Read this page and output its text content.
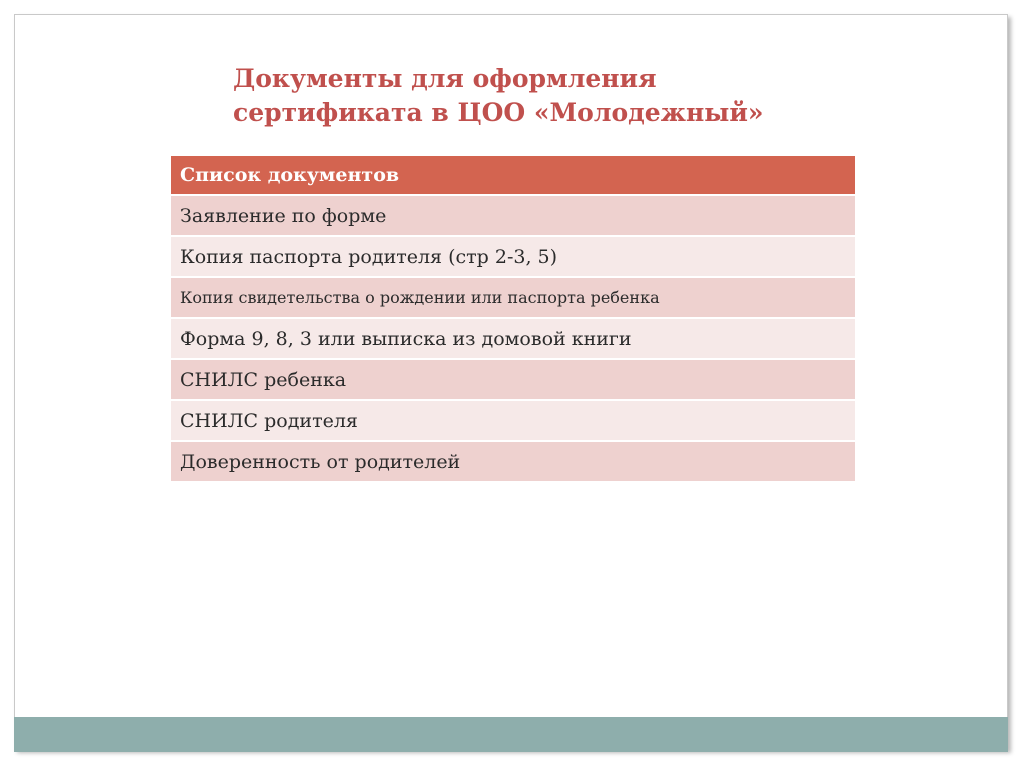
Документы для оформления
сертификата в ЦОО «Молодежный»
Список документов
Заявление по форме
Копия паспорта родителя (стр 2-3, 5)
Копия свидетельства о рождении или паспорта ребенка
Форма 9, 8, 3 или выписка из домовой книги
СНИЛС ребенка
СНИЛС родителя
Доверенность от родителей
